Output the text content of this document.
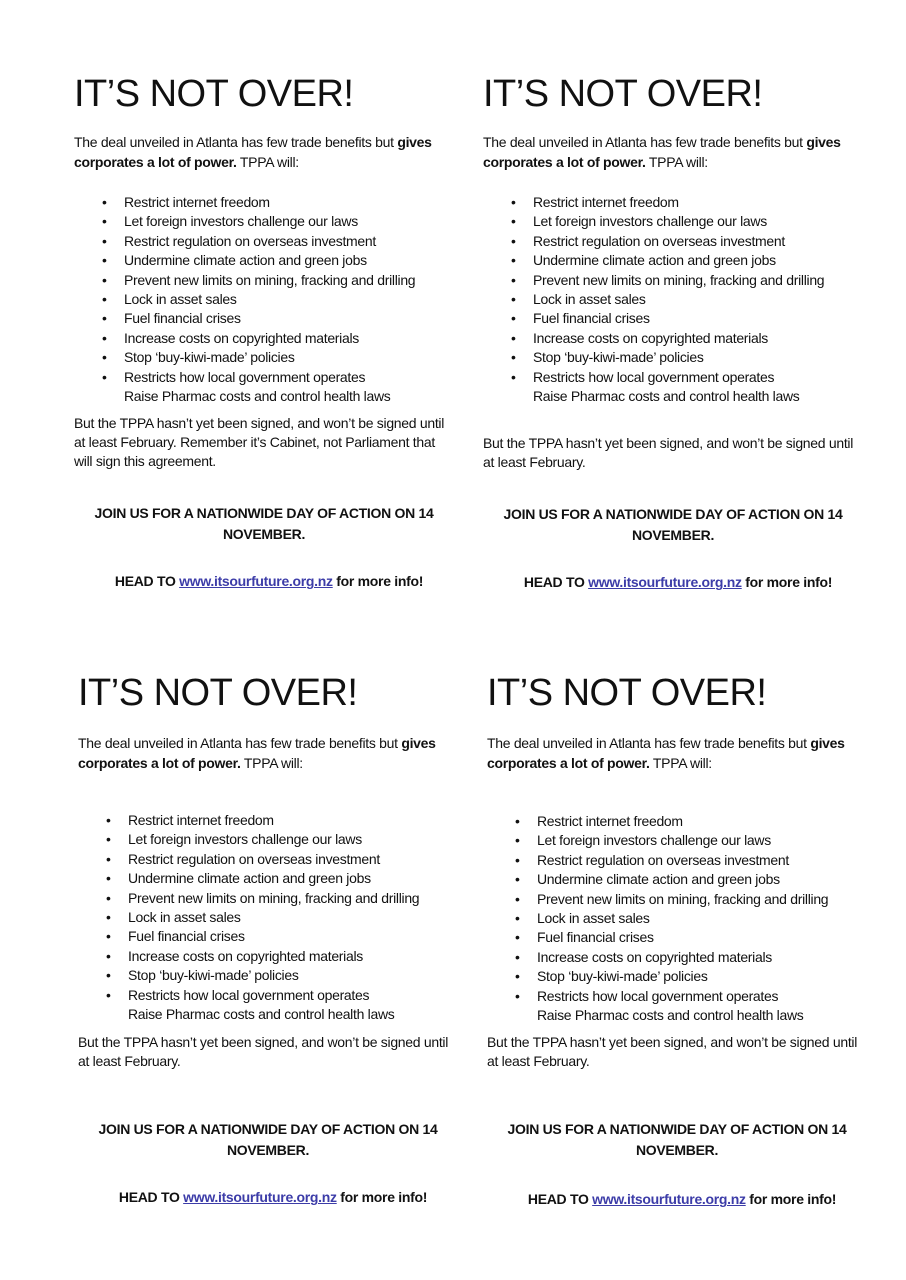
IT’S NOT OVER!

The deal unveiled in Atlanta has few trade benefits but gives corporates a lot of power. TPPA will:

• Restrict internet freedom
• Let foreign investors challenge our laws
• Restrict regulation on overseas investment
• Undermine climate action and green jobs
• Prevent new limits on mining, fracking and drilling
• Lock in asset sales
• Fuel financial crises
• Increase costs on copyrighted materials
• Stop ‘buy-kiwi-made’ policies
• Restricts how local government operates
Raise Pharmac costs and control health laws

But the TPPA hasn’t yet been signed, and won’t be signed until at least February. Remember it’s Cabinet, not Parliament that will sign this agreement.

JOIN US FOR A NATIONWIDE DAY OF ACTION ON 14 NOVEMBER.

HEAD TO www.itsourfuture.org.nz for more info!

IT’S NOT OVER!

The deal unveiled in Atlanta has few trade benefits but gives corporates a lot of power. TPPA will:

• Restrict internet freedom
• Let foreign investors challenge our laws
• Restrict regulation on overseas investment
• Undermine climate action and green jobs
• Prevent new limits on mining, fracking and drilling
• Lock in asset sales
• Fuel financial crises
• Increase costs on copyrighted materials
• Stop ‘buy-kiwi-made’ policies
• Restricts how local government operates
Raise Pharmac costs and control health laws

But the TPPA hasn’t yet been signed, and won’t be signed until at least February.

JOIN US FOR A NATIONWIDE DAY OF ACTION ON 14 NOVEMBER.

HEAD TO www.itsourfuture.org.nz for more info!

IT’S NOT OVER!

The deal unveiled in Atlanta has few trade benefits but gives corporates a lot of power. TPPA will:

• Restrict internet freedom
• Let foreign investors challenge our laws
• Restrict regulation on overseas investment
• Undermine climate action and green jobs
• Prevent new limits on mining, fracking and drilling
• Lock in asset sales
• Fuel financial crises
• Increase costs on copyrighted materials
• Stop ‘buy-kiwi-made’ policies
• Restricts how local government operates
Raise Pharmac costs and control health laws

But the TPPA hasn’t yet been signed, and won’t be signed until at least February.

JOIN US FOR A NATIONWIDE DAY OF ACTION ON 14 NOVEMBER.

HEAD TO www.itsourfuture.org.nz for more info!

IT’S NOT OVER!

The deal unveiled in Atlanta has few trade benefits but gives corporates a lot of power. TPPA will:

• Restrict internet freedom
• Let foreign investors challenge our laws
• Restrict regulation on overseas investment
• Undermine climate action and green jobs
• Prevent new limits on mining, fracking and drilling
• Lock in asset sales
• Fuel financial crises
• Increase costs on copyrighted materials
• Stop ‘buy-kiwi-made’ policies
• Restricts how local government operates
Raise Pharmac costs and control health laws

But the TPPA hasn’t yet been signed, and won’t be signed until at least February.

JOIN US FOR A NATIONWIDE DAY OF ACTION ON 14 NOVEMBER.

HEAD TO www.itsourfuture.org.nz for more info!
